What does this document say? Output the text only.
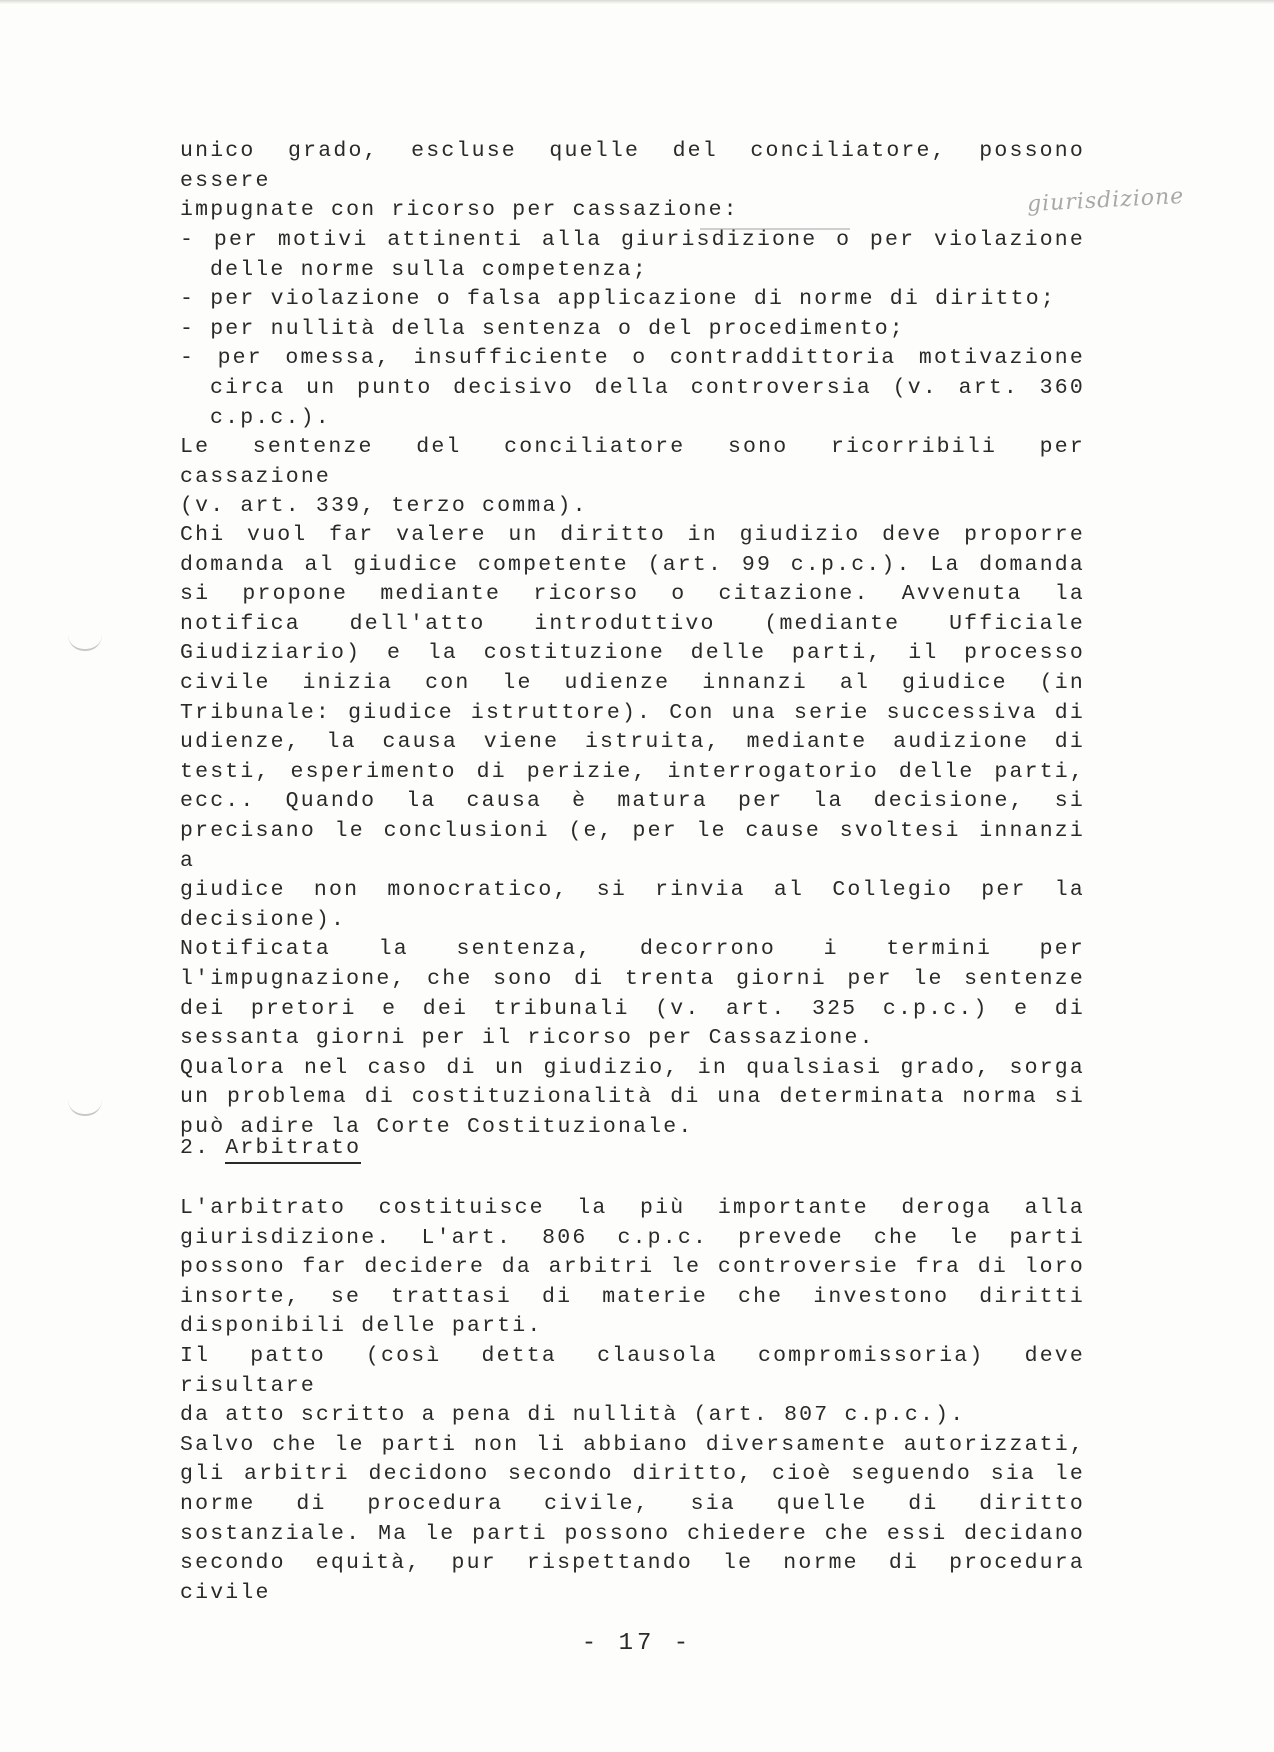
giurisdizione
unico grado, escluse quelle del conciliatore, possono essere
impugnate con ricorso per cassazione:
- per motivi attinenti alla giurisdizione o per violazione
delle norme sulla competenza;
- per violazione o falsa applicazione di norme di diritto;
- per nullità della sentenza o del procedimento;
- per omessa, insufficiente o contraddittoria motivazione
circa un punto decisivo della controversia (v. art. 360
c.p.c.).
Le sentenze del conciliatore sono ricorribili per cassazione
(v. art. 339, terzo comma).
Chi vuol far valere un diritto in giudizio deve proporre
domanda al giudice competente (art. 99 c.p.c.). La domanda
si propone mediante ricorso o citazione. Avvenuta la
notifica dell'atto introduttivo (mediante Ufficiale
Giudiziario) e la costituzione delle parti, il processo
civile inizia con le udienze innanzi al giudice (in
Tribunale: giudice istruttore). Con una serie successiva di
udienze, la causa viene istruita, mediante audizione di
testi, esperimento di perizie, interrogatorio delle parti,
ecc.. Quando la causa è matura per la decisione, si
precisano le conclusioni (e, per le cause svoltesi innanzi a
giudice non monocratico, si rinvia al Collegio per la
decisione).
Notificata la sentenza, decorrono i termini per
l'impugnazione, che sono di trenta giorni per le sentenze
dei pretori e dei tribunali (v. art. 325 c.p.c.) e di
sessanta giorni per il ricorso per Cassazione.
Qualora nel caso di un giudizio, in qualsiasi grado, sorga
un problema di costituzionalità di una determinata norma si
può adire la Corte Costituzionale.
2. Arbitrato
L'arbitrato costituisce la più importante deroga alla
giurisdizione. L'art. 806 c.p.c. prevede che le parti
possono far decidere da arbitri le controversie fra di loro
insorte, se trattasi di materie che investono diritti
disponibili delle parti.
Il patto (così detta clausola compromissoria) deve risultare
da atto scritto a pena di nullità (art. 807 c.p.c.).
Salvo che le parti non li abbiano diversamente autorizzati,
gli arbitri decidono secondo diritto, cioè seguendo sia le
norme di procedura civile, sia quelle di diritto
sostanziale. Ma le parti possono chiedere che essi decidano
secondo equità, pur rispettando le norme di procedura civile
- 17 -
